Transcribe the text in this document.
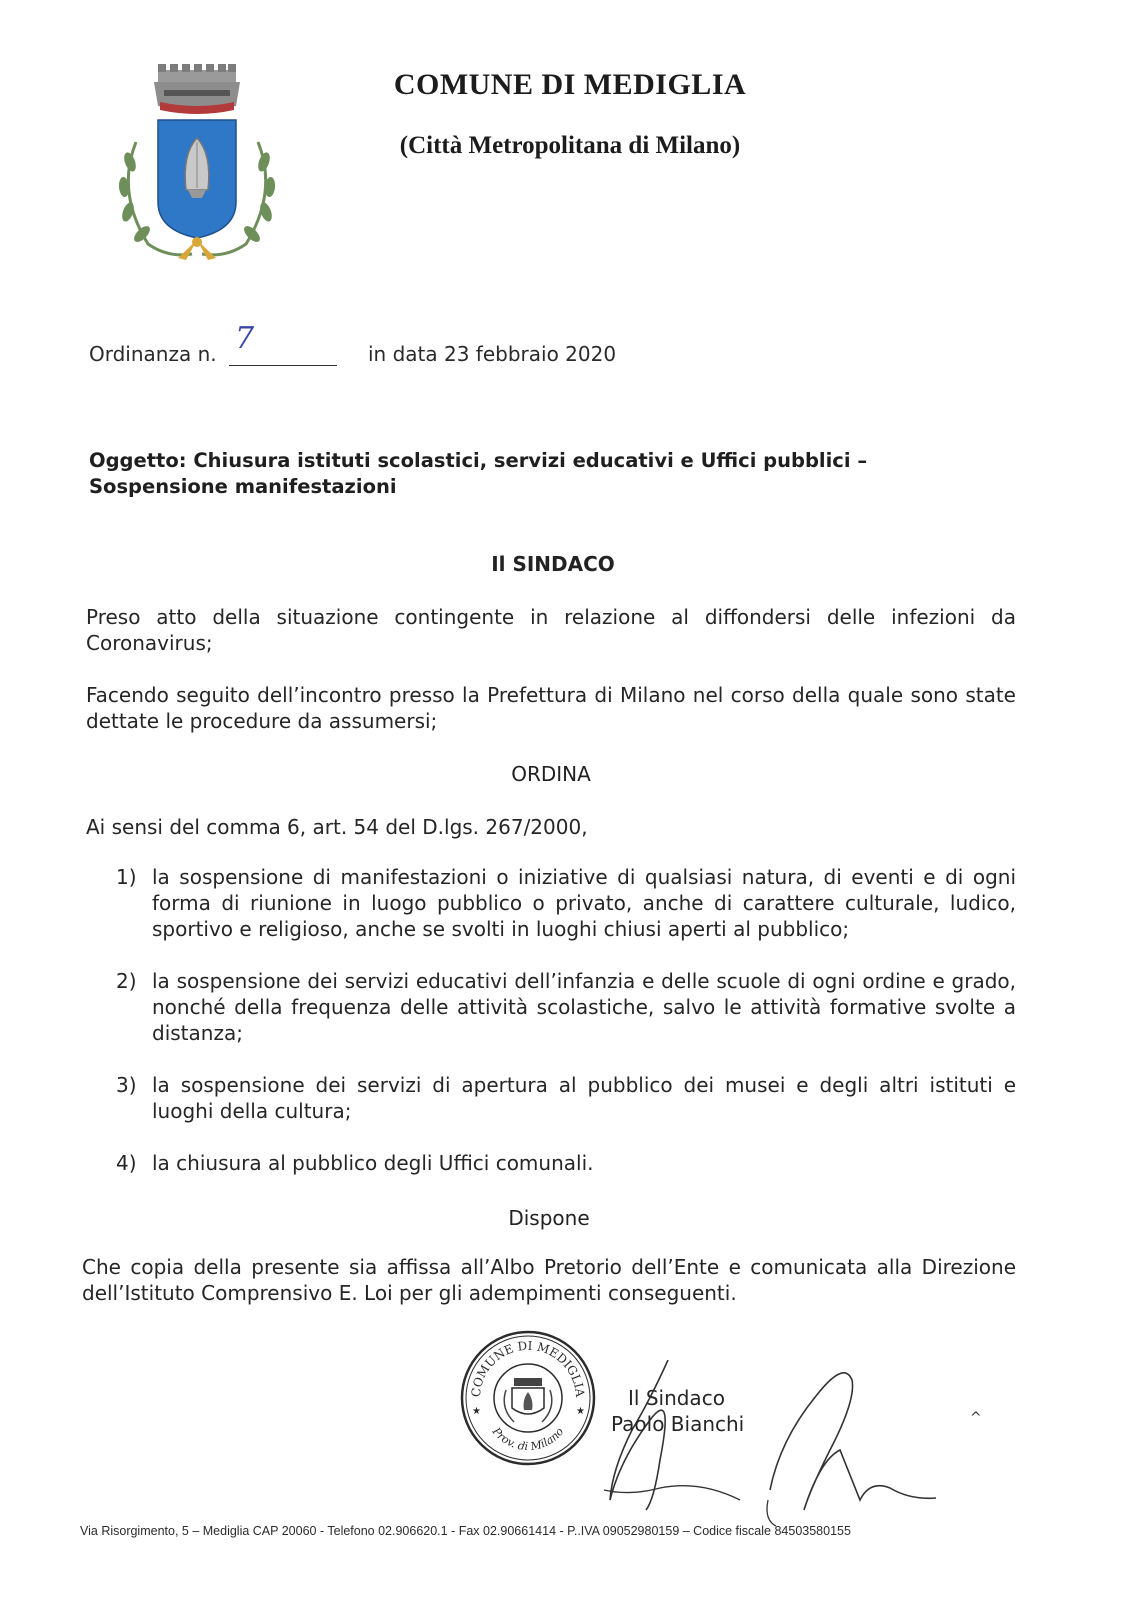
COMUNE DI MEDIGLIA
(Città Metropolitana di Milano)
Ordinanza n. 7	in data 23 febbraio 2020
Oggetto: Chiusura istituti scolastici, servizi educativi e Uffici pubblici – Sospensione manifestazioni
Il SINDACO
Preso atto della situazione contingente in relazione al diffondersi delle infezioni da Coronavirus;
Facendo seguito dell’incontro presso la Prefettura di Milano nel corso della quale sono state dettate le procedure da assumersi;
ORDINA
Ai sensi del comma 6, art. 54 del D.lgs. 267/2000,
1) la sospensione di manifestazioni o iniziative di qualsiasi natura, di eventi e di ogni forma di riunione in luogo pubblico o privato, anche di carattere culturale, ludico, sportivo e religioso, anche se svolti in luoghi chiusi aperti al pubblico;
2) la sospensione dei servizi educativi dell’infanzia e delle scuole di ogni ordine e grado, nonché della frequenza delle attività scolastiche, salvo le attività formative svolte a distanza;
3) la sospensione dei servizi di apertura al pubblico dei musei e degli altri istituti e luoghi della cultura;
4) la chiusura al pubblico degli Uffici comunali.
Dispone
Che copia della presente sia affissa all’Albo Pretorio dell’Ente e comunicata alla Direzione dell’Istituto Comprensivo E. Loi per gli adempimenti conseguenti.
COMUNE DI MEDIGLIA
Prov. di Milano
★	★
Il Sindaco
Paolo Bianchi	^
Via Risorgimento, 5 – Mediglia CAP 20060 - Telefono 02.906620.1 - Fax 02.90661414 - P..IVA 09052980159 – Codice fiscale 84503580155
